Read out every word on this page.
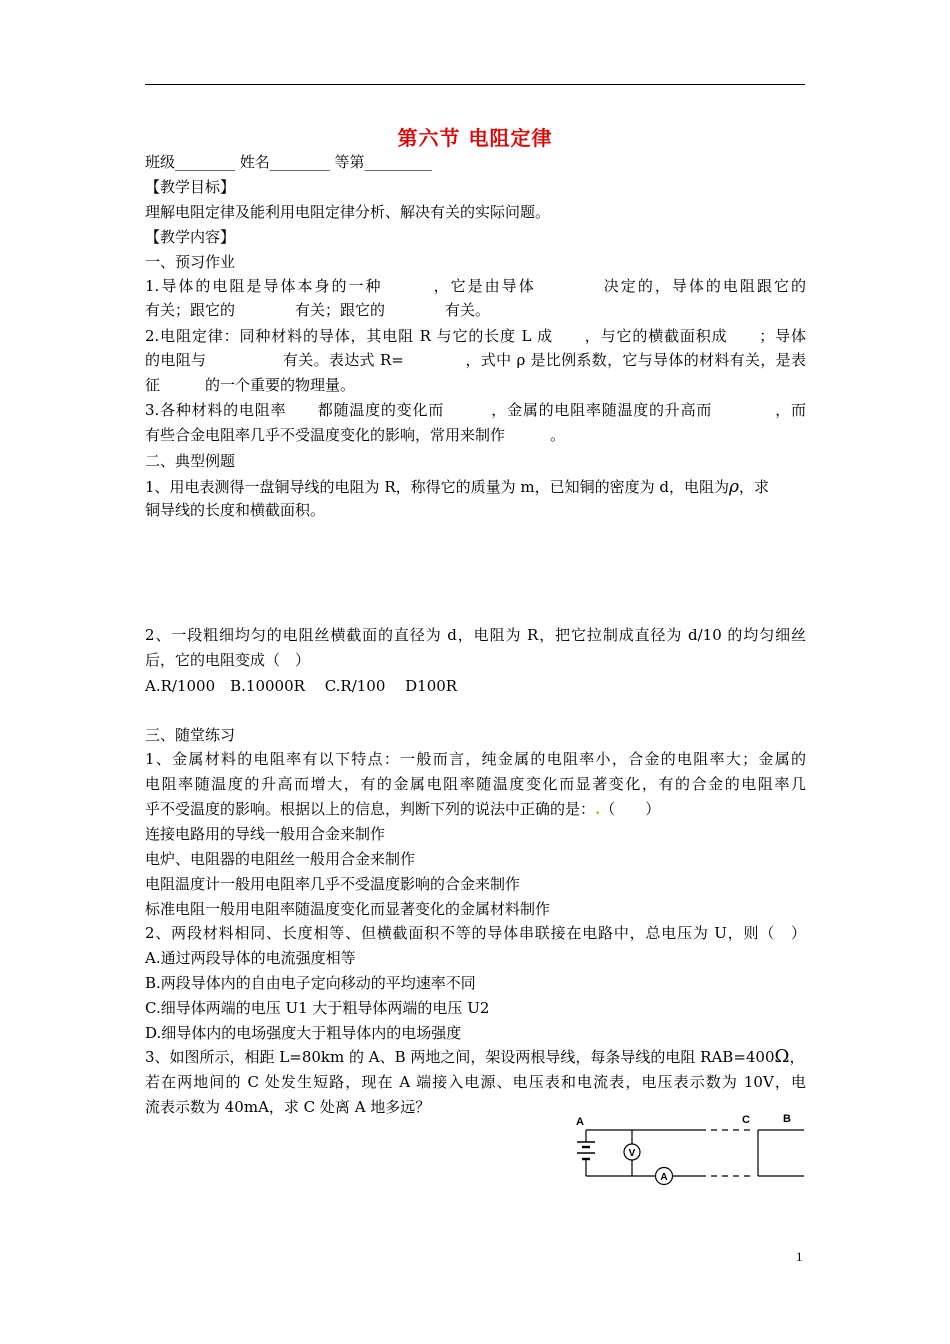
第六节 电阻定律
班级________ 姓名________ 等第_________
【教学目标】
理解电阻定律及能利用电阻定律分析、解决有关的实际问题。
【教学内容】
一、预习作业
1.导体的电阻是导体本身的一种　　　，它是由导体　　　　决定的，导体的电阻跟它的
有关；跟它的　　　　有关；跟它的　　　　有关。
2.电阻定律：同种材料的导体，其电阻 R 与它的长度 L 成　　，与它的横截面积成　　；导体
的电阻与　　　　　有关。表达式 R=　　　　，式中 ρ 是比例系数，它与导体的材料有关，是表
征　　　的一个重要的物理量。
3.各种材料的电阻率　　都随温度的变化而　　　，金属的电阻率随温度的升高而　　　　，而
有些合金电阻率几乎不受温度变化的影响，常用来制作　　　。
二、典型例题
1、用电表测得一盘铜导线的电阻为 R，称得它的质量为 m，已知铜的密度为 d，电阻为ρ，求
铜导线的长度和横截面积。
2、一段粗细均匀的电阻丝横截面的直径为 d，电阻为 R，把它拉制成直径为 d/10 的均匀细丝
后，它的电阻变成（　）
A.R/1000　B.10000R　 C.R/100　 D100R
三、随堂练习
1、金属材料的电阻率有以下特点：一般而言，纯金属的电阻率小，合金的电阻率大；金属的
电阻率随温度的升高而增大，有的金属电阻率随温度变化而显著变化，有的合金的电阻率几
乎不受温度的影响。根据以上的信息，判断下列的说法中正确的是：.（　　）
连接电路用的导线一般用合金来制作
电炉、电阻器的电阻丝一般用合金来制作
电阻温度计一般用电阻率几乎不受温度影响的合金来制作
标准电阻一般用电阻率随温度变化而显著变化的金属材料制作
2、两段材料相同、长度相等、但横截面积不等的导体串联接在电路中，总电压为 U，则（　）
A.通过两段导体的电流强度相等
B.两段导体内的自由电子定向移动的平均速率不同
C.细导体两端的电压 U1 大于粗导体两端的电压 U2
D.细导体内的电场强度大于粗导体内的电场强度
3、如图所示，相距 L=80km 的 A、B 两地之间，架设两根导线，每条导线的电阻 RAB=400Ω，
若在两地间的 C 处发生短路，现在 A 端接入电源、电压表和电流表，电压表示数为 10V，电
流表示数为 40mA，求 C 处离 A 地多远？
A	C	B
V
A
1
